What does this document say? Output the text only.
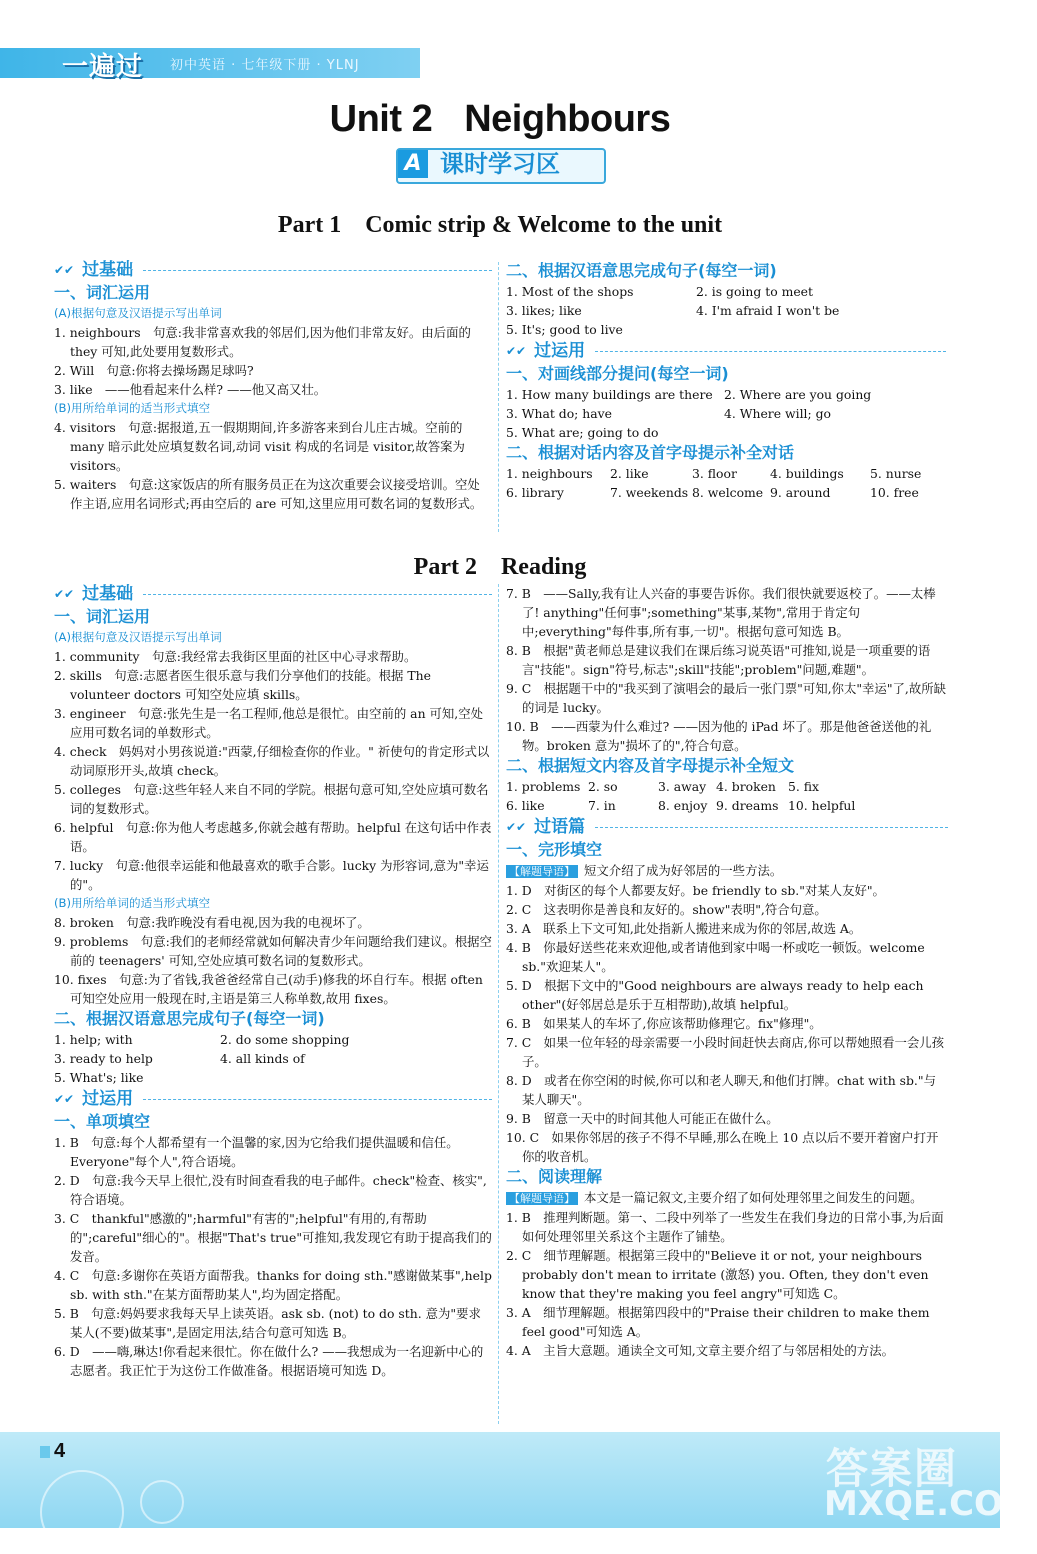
一遍过 初中英语 · 七年级下册 · YLNJ
Unit 2 Neighbours
A 课时学习区
Part 1　Comic strip & Welcome to the unit
✔✔ 过基础

一、词汇运用

(A)根据句意及汉语提示写出单词

1. neighbours　句意:我非常喜欢我的邻居们,因为他们非常友好。由后面的 they 可知,此处要用复数形式。

2. Will　句意:你将去操场踢足球吗?

3. like　——他看起来什么样? ——他又高又壮。

(B)用所给单词的适当形式填空

4. visitors　句意:据报道,五一假期期间,许多游客来到台儿庄古城。空前的 many 暗示此处应填复数名词,动词 visit 构成的名词是 visitor,故答案为 visitors。

5. waiters　句意:这家饭店的所有服务员正在为这次重要会议接受培训。空处作主语,应用名词形式;再由空后的 are 可知,这里应用可数名词的复数形式。

二、根据汉语意思完成句子(每空一词)

1. Most of the shops	2. is going to meet
3. likes; like	4. I'm afraid I won't be
5. It's; good to live
✔✔ 过运用

一、对画线部分提问(每空一词)

1. How many buildings are there 2. Where are you going
3. What do; have	4. Where will; go
5. What are; going to do

二、根据对话内容及首字母提示补全对话

1. neighbours	2. like	3. floor	4. buildings	5. nurse
6. library	7. weekends 8. welcome 9. around	10. free
Part 2　Reading
✔✔ 过基础

一、词汇运用

(A)根据句意及汉语提示写出单词

1. community　句意:我经常去我街区里面的社区中心寻求帮助。

2. skills　句意:志愿者医生很乐意与我们分享他们的技能。根据 The volunteer doctors 可知空处应填 skills。

3. engineer　句意:张先生是一名工程师,他总是很忙。由空前的 an 可知,空处应用可数名词的单数形式。

4. check　妈妈对小男孩说道:"西蒙,仔细检查你的作业。" 祈使句的肯定形式以动词原形开头,故填 check。

5. colleges　句意:这些年轻人来自不同的学院。根据句意可知,空处应填可数名词的复数形式。

6. helpful　句意:你为他人考虑越多,你就会越有帮助。helpful 在这句话中作表语。

7. lucky　句意:他很幸运能和他最喜欢的歌手合影。lucky 为形容词,意为"幸运的"。

(B)用所给单词的适当形式填空

8. broken　句意:我昨晚没有看电视,因为我的电视坏了。

9. problems　句意:我们的老师经常就如何解决青少年问题给我们建议。根据空前的 teenagers' 可知,空处应填可数名词的复数形式。

10. fixes　句意:为了省钱,我爸爸经常自己(动手)修我的坏自行车。根据 often 可知空处应用一般现在时,主语是第三人称单数,故用 fixes。

二、根据汉语意思完成句子(每空一词)

1. help; with	2. do some shopping
3. ready to help	4. all kinds of
5. What's; like
✔✔ 过运用

一、单项填空

1. B　句意:每个人都希望有一个温馨的家,因为它给我们提供温暖和信任。Everyone"每个人",符合语境。

2. D　句意:我今天早上很忙,没有时间查看我的电子邮件。check"检查、核实",符合语境。

3. C　thankful"感激的";harmful"有害的";helpful"有用的,有帮助的";careful"细心的"。根据"That's true"可推知,我发现它有助于提高我们的发音。

4. C　句意:多谢你在英语方面帮我。thanks for doing sth."感谢做某事",help sb. with sth."在某方面帮助某人",均为固定搭配。

5. B　句意:妈妈要求我每天早上读英语。ask sb. (not) to do sth. 意为"要求某人(不要)做某事",是固定用法,结合句意可知选 B。

6. D　——嗨,琳达!你看起来很忙。你在做什么? ——我想成为一名迎新中心的志愿者。我正忙于为这份工作做准备。根据语境可知选 D。

7. B　——Sally,我有让人兴奋的事要告诉你。我们很快就要返校了。——太棒了! anything"任何事";something"某事,某物",常用于肯定句中;everything"每件事,所有事,一切"。根据句意可知选 B。

8. B　根据"黄老师总是建议我们在课后练习说英语"可推知,说是一项重要的语言"技能"。sign"符号,标志";skill"技能";problem"问题,难题"。

9. C　根据题干中的"我买到了演唱会的最后一张门票"可知,你太"幸运"了,故所缺的词是 lucky。

10. B　——西蒙为什么难过? ——因为他的 iPad 坏了。那是他爸爸送他的礼物。broken 意为"损坏了的",符合句意。

二、根据短文内容及首字母提示补全短文

1. problems 2. so	3. away 4. broken 5. fix
6. like	7. in	8. enjoy 9. dreams 10. helpful
✔✔ 过语篇

一、完形填空

【解题导语】 短文介绍了成为好邻居的一些方法。

1. D　对街区的每个人都要友好。be friendly to sb."对某人友好"。

2. C　这表明你是善良和友好的。show"表明",符合句意。

3. A　联系上下文可知,此处指新人搬进来成为你的邻居,故选 A。

4. B　你最好送些花来欢迎他,或者请他到家中喝一杯或吃一顿饭。welcome sb."欢迎某人"。

5. D　根据下文中的"Good neighbours are always ready to help each other"(好邻居总是乐于互相帮助),故填 helpful。

6. B　如果某人的车坏了,你应该帮助修理它。fix"修理"。

7. C　如果一位年轻的母亲需要一小段时间赶快去商店,你可以帮她照看一会儿孩子。

8. D　或者在你空闲的时候,你可以和老人聊天,和他们打牌。chat with sb."与某人聊天"。

9. B　留意一天中的时间其他人可能正在做什么。

10. C　如果你邻居的孩子不得不早睡,那么在晚上 10 点以后不要开着窗户打开你的收音机。

二、阅读理解

【解题导语】 本文是一篇记叙文,主要介绍了如何处理邻里之间发生的问题。

1. B　推理判断题。第一、二段中列举了一些发生在我们身边的日常小事,为后面如何处理邻里关系这个主题作了铺垫。

2. C　细节理解题。根据第三段中的"Believe it or not, your neighbours probably don't mean to irritate (激怒) you. Often, they don't even know that they're making you feel angry"可知选 C。

3. A　细节理解题。根据第四段中的"Praise their children to make them feel good"可知选 A。

4. A　主旨大意题。通读全文可知,文章主要介绍了与邻居相处的方法。

4	答案圈
MXQE.COM
